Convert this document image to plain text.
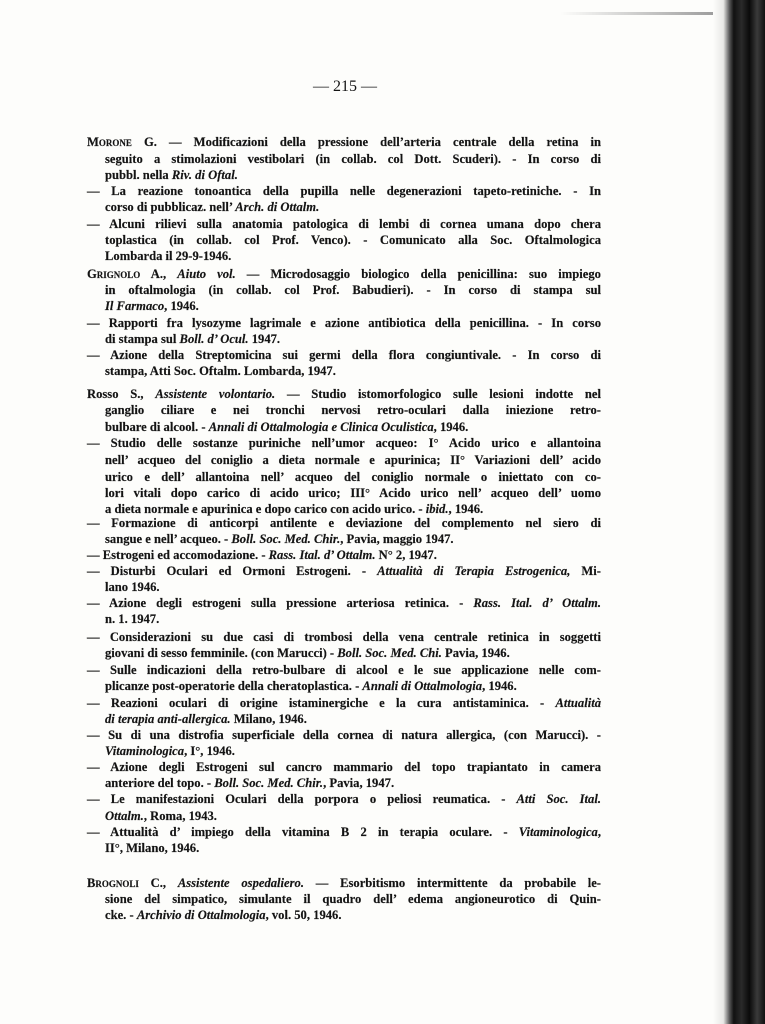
— 215 —
Morone G. — Modificazioni della pressione dell’arteria centrale della retina in
seguito a stimolazioni vestibolari (in collab. col Dott. Scuderi). - In corso di
pubbl. nella Riv. di Oftal.
— La reazione tonoantica della pupilla nelle degenerazioni tapeto-retiniche. - In
corso di pubblicaz. nell’ Arch. di Ottalm.
— Alcuni rilievi sulla anatomia patologica di lembi di cornea umana dopo chera
toplastica (in collab. col Prof. Venco). - Comunicato alla Soc. Oftalmologica
Lombarda il 29-9-1946.
Grignolo A., Aiuto vol. — Microdosaggio biologico della penicillina: suo impiego
in oftalmologia (in collab. col Prof. Babudieri). - In corso di stampa sul
Il Farmaco, 1946.
— Rapporti fra lysozyme lagrimale e azione antibiotica della penicillina. - In corso
di stampa sul Boll. d’ Ocul. 1947.
— Azione della Streptomicina sui germi della flora congiuntivale. - In corso di
stampa, Atti Soc. Oftalm. Lombarda, 1947.
Rosso S., Assistente volontario. — Studio istomorfologico sulle lesioni indotte nel
ganglio ciliare e nei tronchi nervosi retro-oculari dalla iniezione retro-
bulbare di alcool. - Annali di Ottalmologia e Clinica Oculistica, 1946.
— Studio delle sostanze puriniche nell’umor acqueo: I° Acido urico e allantoina
nell’ acqueo del coniglio a dieta normale e apurinica; II° Variazioni dell’ acido
urico e dell’ allantoina nell’ acqueo del coniglio normale o iniettato con co-
lori vitali dopo carico di acido urico; III° Acido urico nell’ acqueo dell’ uomo
a dieta normale e apurinica e dopo carico con acido urico. - ibid., 1946.
— Formazione di anticorpi antilente e deviazione del complemento nel siero di
sangue e nell’ acqueo. - Boll. Soc. Med. Chir., Pavia, maggio 1947.
— Estrogeni ed accomodazione. - Rass. Ital. d’ Ottalm. N° 2, 1947.
— Disturbi Oculari ed Ormoni Estrogeni. - Attualità di Terapia Estrogenica, Mi-
lano 1946.
— Azione degli estrogeni sulla pressione arteriosa retinica. - Rass. Ital. d’ Ottalm.
n. 1. 1947.
— Considerazioni su due casi di trombosi della vena centrale retinica in soggetti
giovani di sesso femminile. (con Marucci) - Boll. Soc. Med. Chi. Pavia, 1946.
— Sulle indicazioni della retro-bulbare di alcool e le sue applicazione nelle com-
plicanze post-operatorie della cheratoplastica. - Annali di Ottalmologia, 1946.
— Reazioni oculari di origine istaminergiche e la cura antistaminica. - Attualità
di terapia anti-allergica. Milano, 1946.
— Su di una distrofia superficiale della cornea di natura allergica, (con Marucci). -
Vitaminologica, I°, 1946.
— Azione degli Estrogeni sul cancro mammario del topo trapiantato in camera
anteriore del topo. - Boll. Soc. Med. Chir., Pavia, 1947.
— Le manifestazioni Oculari della porpora o peliosi reumatica. - Atti Soc. Ital.
Ottalm., Roma, 1943.
— Attualità d’ impiego della vitamina B 2 in terapia oculare. - Vitaminologica,
II°, Milano, 1946.
Brognoli C., Assistente ospedaliero. — Esorbitismo intermittente da probabile le-
sione del simpatico, simulante il quadro dell’ edema angioneurotico di Quin-
cke. - Archivio di Ottalmologia, vol. 50, 1946.
